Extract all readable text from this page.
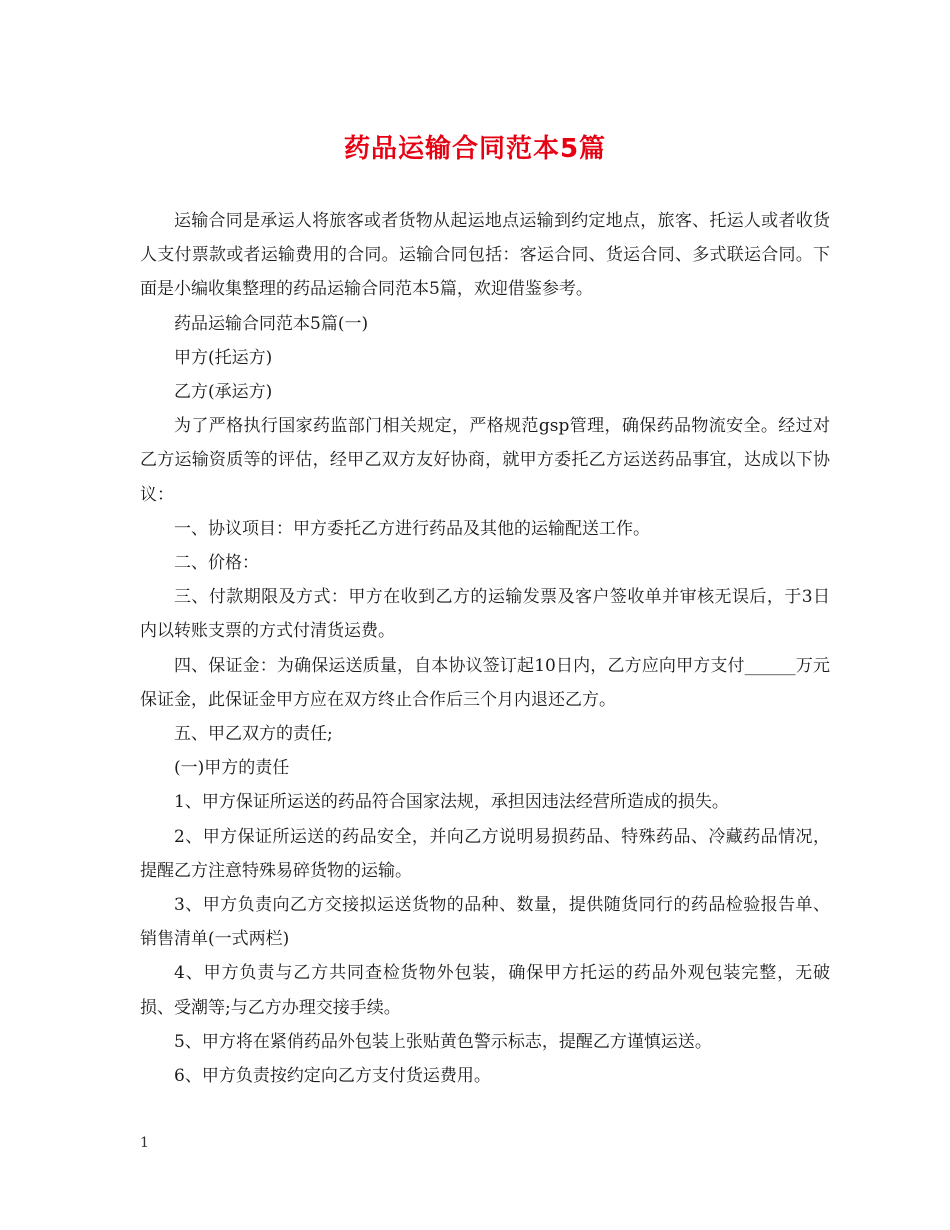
药品运输合同范本5篇

运输合同是承运人将旅客或者货物从起运地点运输到约定地点，旅客、托运人或者收货人支付票款或者运输费用的合同。运输合同包括：客运合同、货运合同、多式联运合同。下面是小编收集整理的药品运输合同范本5篇，欢迎借鉴参考。

药品运输合同范本5篇(一)

甲方(托运方)

乙方(承运方)

为了严格执行国家药监部门相关规定，严格规范gsp管理，确保药品物流安全。经过对乙方运输资质等的评估，经甲乙双方友好协商，就甲方委托乙方运送药品事宜，达成以下协议：

一、协议项目：甲方委托乙方进行药品及其他的运输配送工作。

二、价格：

三、付款期限及方式：甲方在收到乙方的运输发票及客户签收单并审核无误后，于3日内以转账支票的方式付清货运费。

四、保证金：为确保运送质量，自本协议签订起10日内，乙方应向甲方支付______万元保证金，此保证金甲方应在双方终止合作后三个月内退还乙方。

五、甲乙双方的责任;

(一)甲方的责任

1、甲方保证所运送的药品符合国家法规，承担因违法经营所造成的损失。

2、甲方保证所运送的药品安全，并向乙方说明易损药品、特殊药品、冷藏药品情况，提醒乙方注意特殊易碎货物的运输。

3、甲方负责向乙方交接拟运送货物的品种、数量，提供随货同行的药品检验报告单、销售清单(一式两栏)

4、甲方负责与乙方共同查检货物外包装，确保甲方托运的药品外观包装完整，无破损、受潮等;与乙方办理交接手续。

5、甲方将在紧俏药品外包装上张贴黄色警示标志，提醒乙方谨慎运送。

6、甲方负责按约定向乙方支付货运费用。

1
